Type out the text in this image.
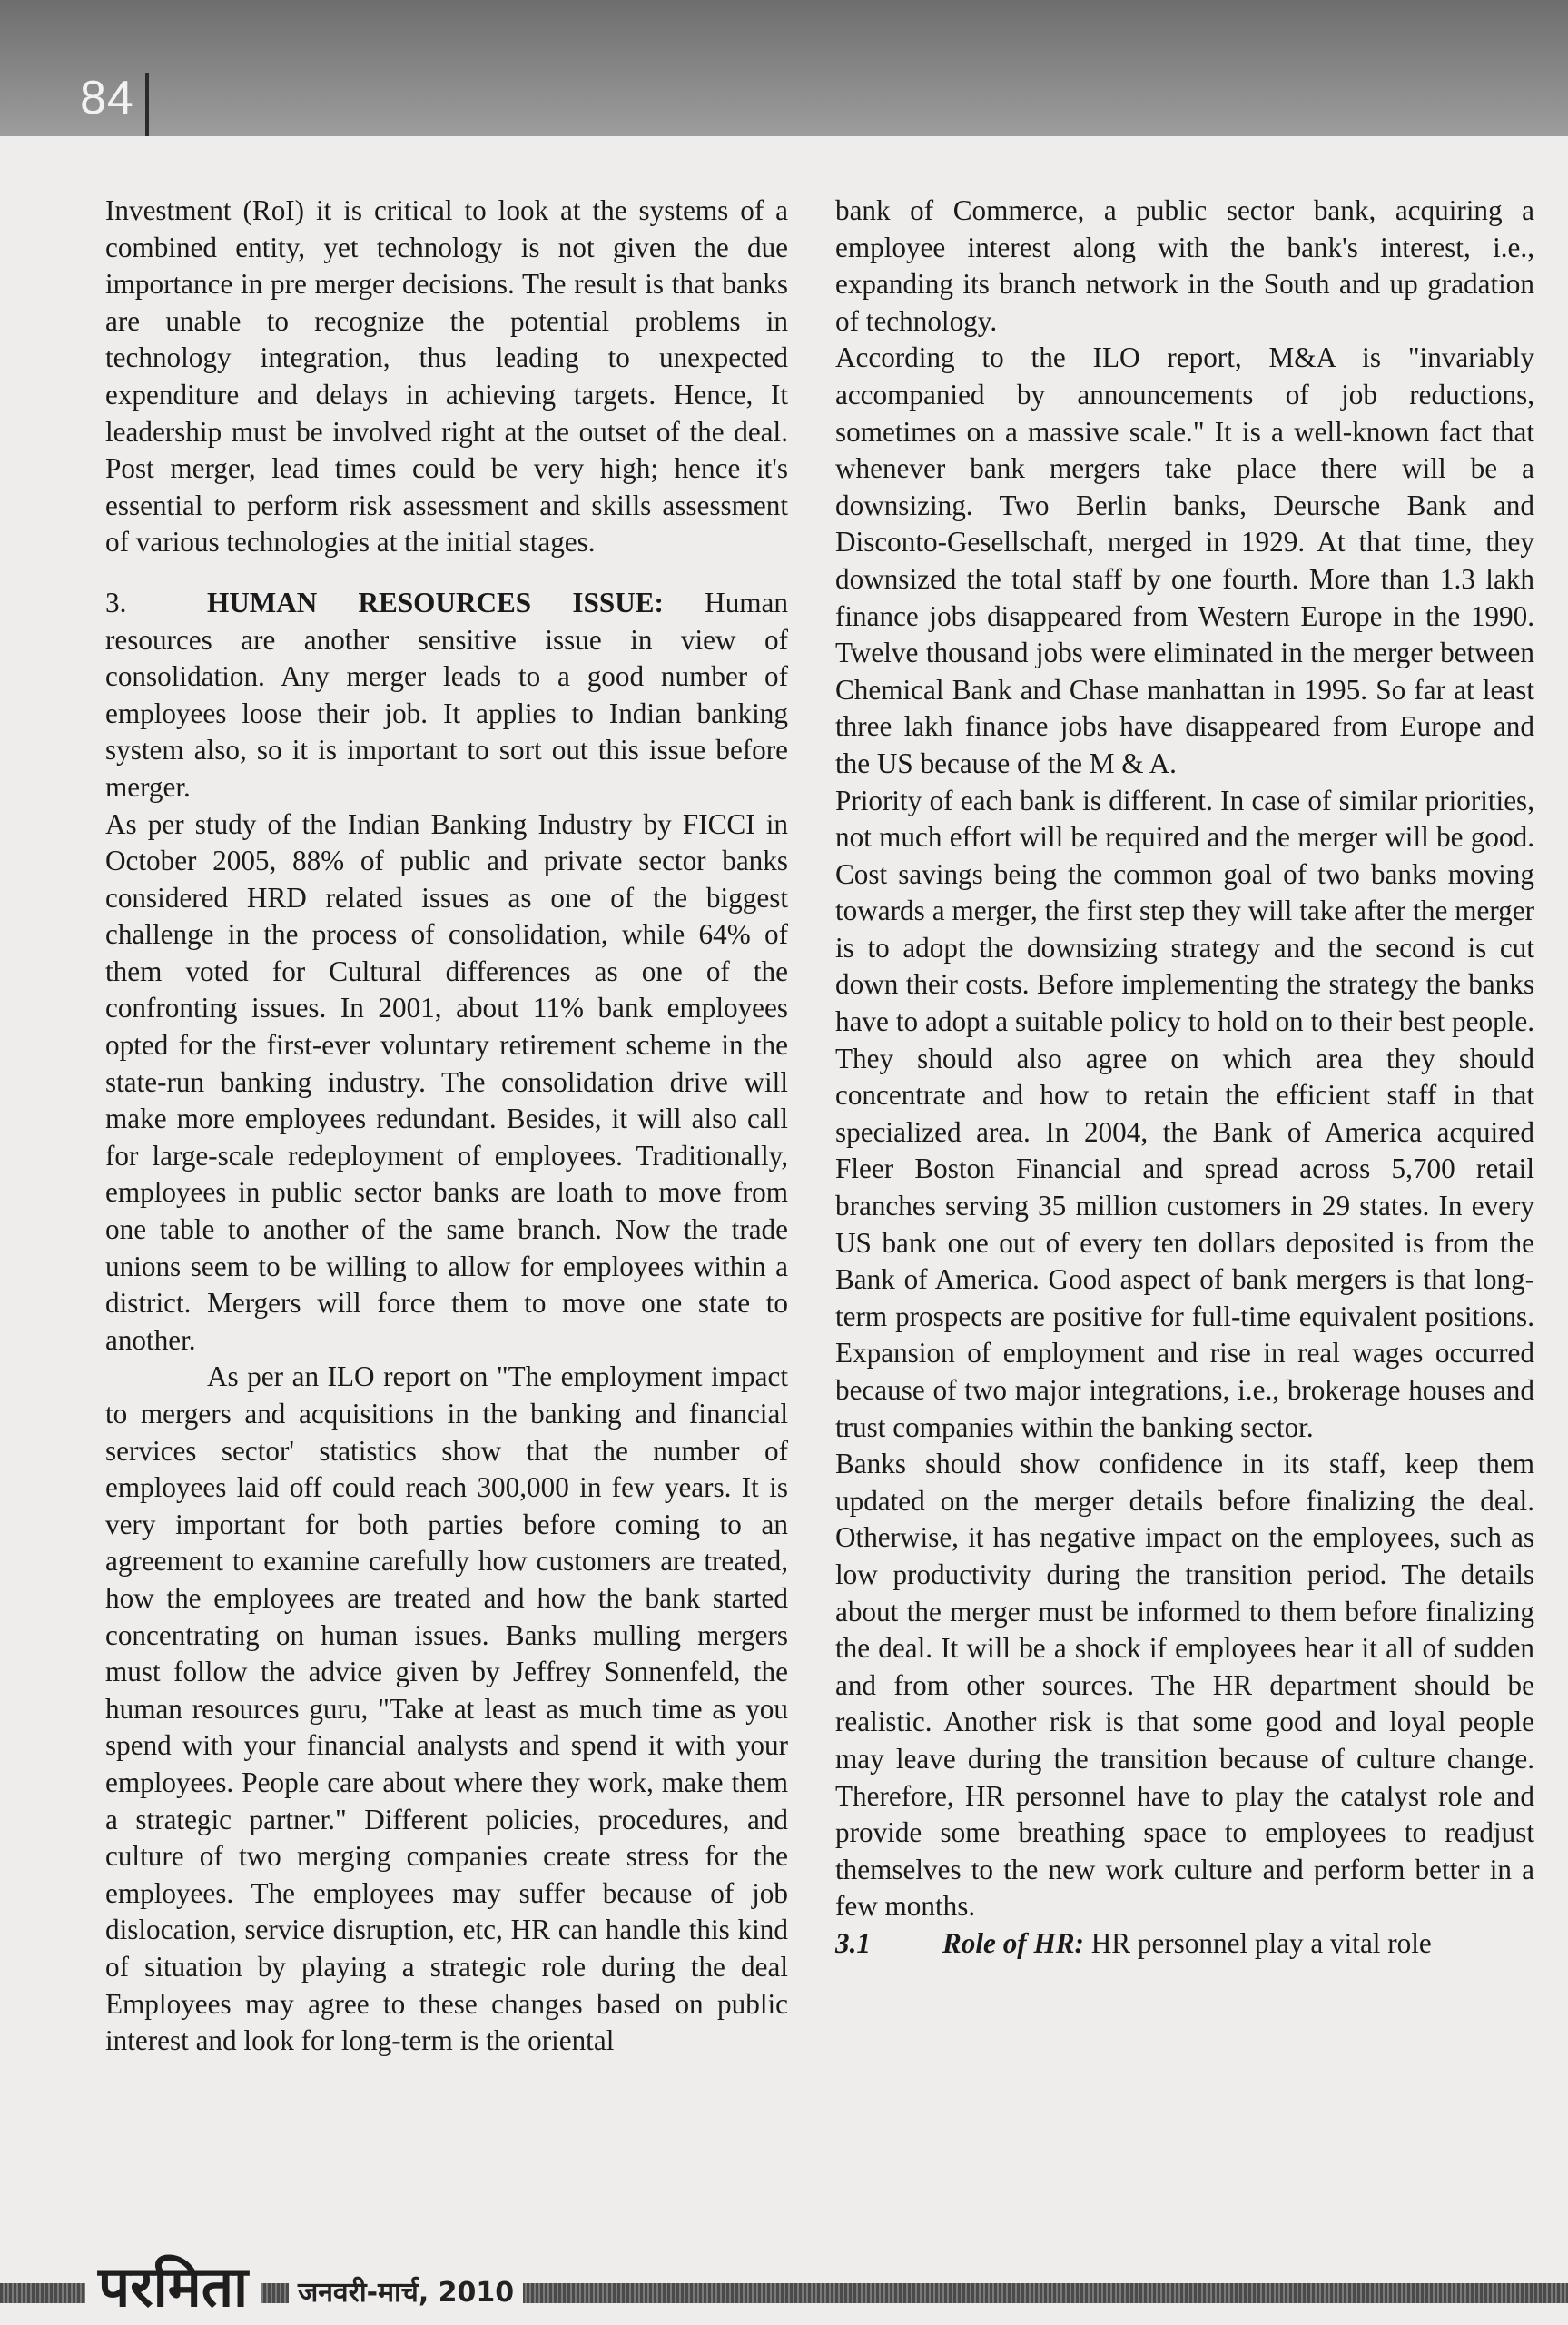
84

Investment (RoI) it is critical to look at the systems of a combined entity, yet technology is not given the due importance in pre merger decisions. The result is that banks are unable to recognize the potential problems in technology integration, thus leading to unexpected expenditure and delays in achieving targets. Hence, It leadership must be involved right at the outset of the deal. Post merger, lead times could be very high; hence it's essential to perform risk assessment and skills assessment of various technologies at the initial stages.

3.	HUMAN RESOURCES ISSUE: Human resources are another sensitive issue in view of consolidation. Any merger leads to a good number of employees loose their job. It applies to Indian banking system also, so it is important to sort out this issue before merger.

As per study of the Indian Banking Industry by FICCI in October 2005, 88% of public and private sector banks considered HRD related issues as one of the biggest challenge in the process of consolidation, while 64% of them voted for Cultural differences as one of the confronting issues. In 2001, about 11% bank employees opted for the first-ever voluntary retirement scheme in the state-run banking industry. The consolidation drive will make more employees redundant. Besides, it will also call for large-scale redeployment of employees. Traditionally, employees in public sector banks are loath to move from one table to another of the same branch. Now the trade unions seem to be willing to allow for employees within a district. Mergers will force them to move one state to another.

As per an ILO report on "The employment impact to mergers and acquisitions in the banking and financial services sector' statistics show that the number of employees laid off could reach 300,000 in few years. It is very important for both parties before coming to an agreement to examine carefully how customers are treated, how the employees are treated and how the bank started concentrating on human issues. Banks mulling mergers must follow the advice given by Jeffrey Sonnenfeld, the human resources guru, "Take at least as much time as you spend with your financial analysts and spend it with your employees. People care about where they work, make them a strategic partner." Different policies, procedures, and culture of two merging companies create stress for the employees. The employees may suffer because of job dislocation, service disruption, etc, HR can handle this kind of situation by playing a strategic role during the deal Employees may agree to these changes based on public interest and look for long-term is the oriental

bank of Commerce, a public sector bank, acquiring a employee interest along with the bank's interest, i.e., expanding its branch network in the South and up gradation of technology.

According to the ILO report, M&A is "invariably accompanied by announcements of job reductions, sometimes on a massive scale." It is a well-known fact that whenever bank mergers take place there will be a downsizing. Two Berlin banks, Deursche Bank and Disconto-Gesellschaft, merged in 1929. At that time, they downsized the total staff by one fourth. More than 1.3 lakh finance jobs disappeared from Western Europe in the 1990. Twelve thousand jobs were eliminated in the merger between Chemical Bank and Chase manhattan in 1995. So far at least three lakh finance jobs have disappeared from Europe and the US because of the M & A.

Priority of each bank is different. In case of similar priorities, not much effort will be required and the merger will be good. Cost savings being the common goal of two banks moving towards a merger, the first step they will take after the merger is to adopt the downsizing strategy and the second is cut down their costs. Before implementing the strategy the banks have to adopt a suitable policy to hold on to their best people. They should also agree on which area they should concentrate and how to retain the efficient staff in that specialized area. In 2004, the Bank of America acquired Fleer Boston Financial and spread across 5,700 retail branches serving 35 million customers in 29 states. In every US bank one out of every ten dollars deposited is from the Bank of America. Good aspect of bank mergers is that long-term prospects are positive for full-time equivalent positions. Expansion of employment and rise in real wages occurred because of two major integrations, i.e., brokerage houses and trust companies within the banking sector.

Banks should show confidence in its staff, keep them updated on the merger details before finalizing the deal. Otherwise, it has negative impact on the employees, such as low productivity during the transition period. The details about the merger must be informed to them before finalizing the deal. It will be a shock if employees hear it all of sudden and from other sources. The HR department should be realistic. Another risk is that some good and loyal people may leave during the transition because of culture change. Therefore, HR personnel have to play the catalyst role and provide some breathing space to employees to readjust themselves to the new work culture and perform better in a few months.

3.1	Role of HR: HR personnel play a vital role

परमिता	जनवरी-मार्च, 2010
